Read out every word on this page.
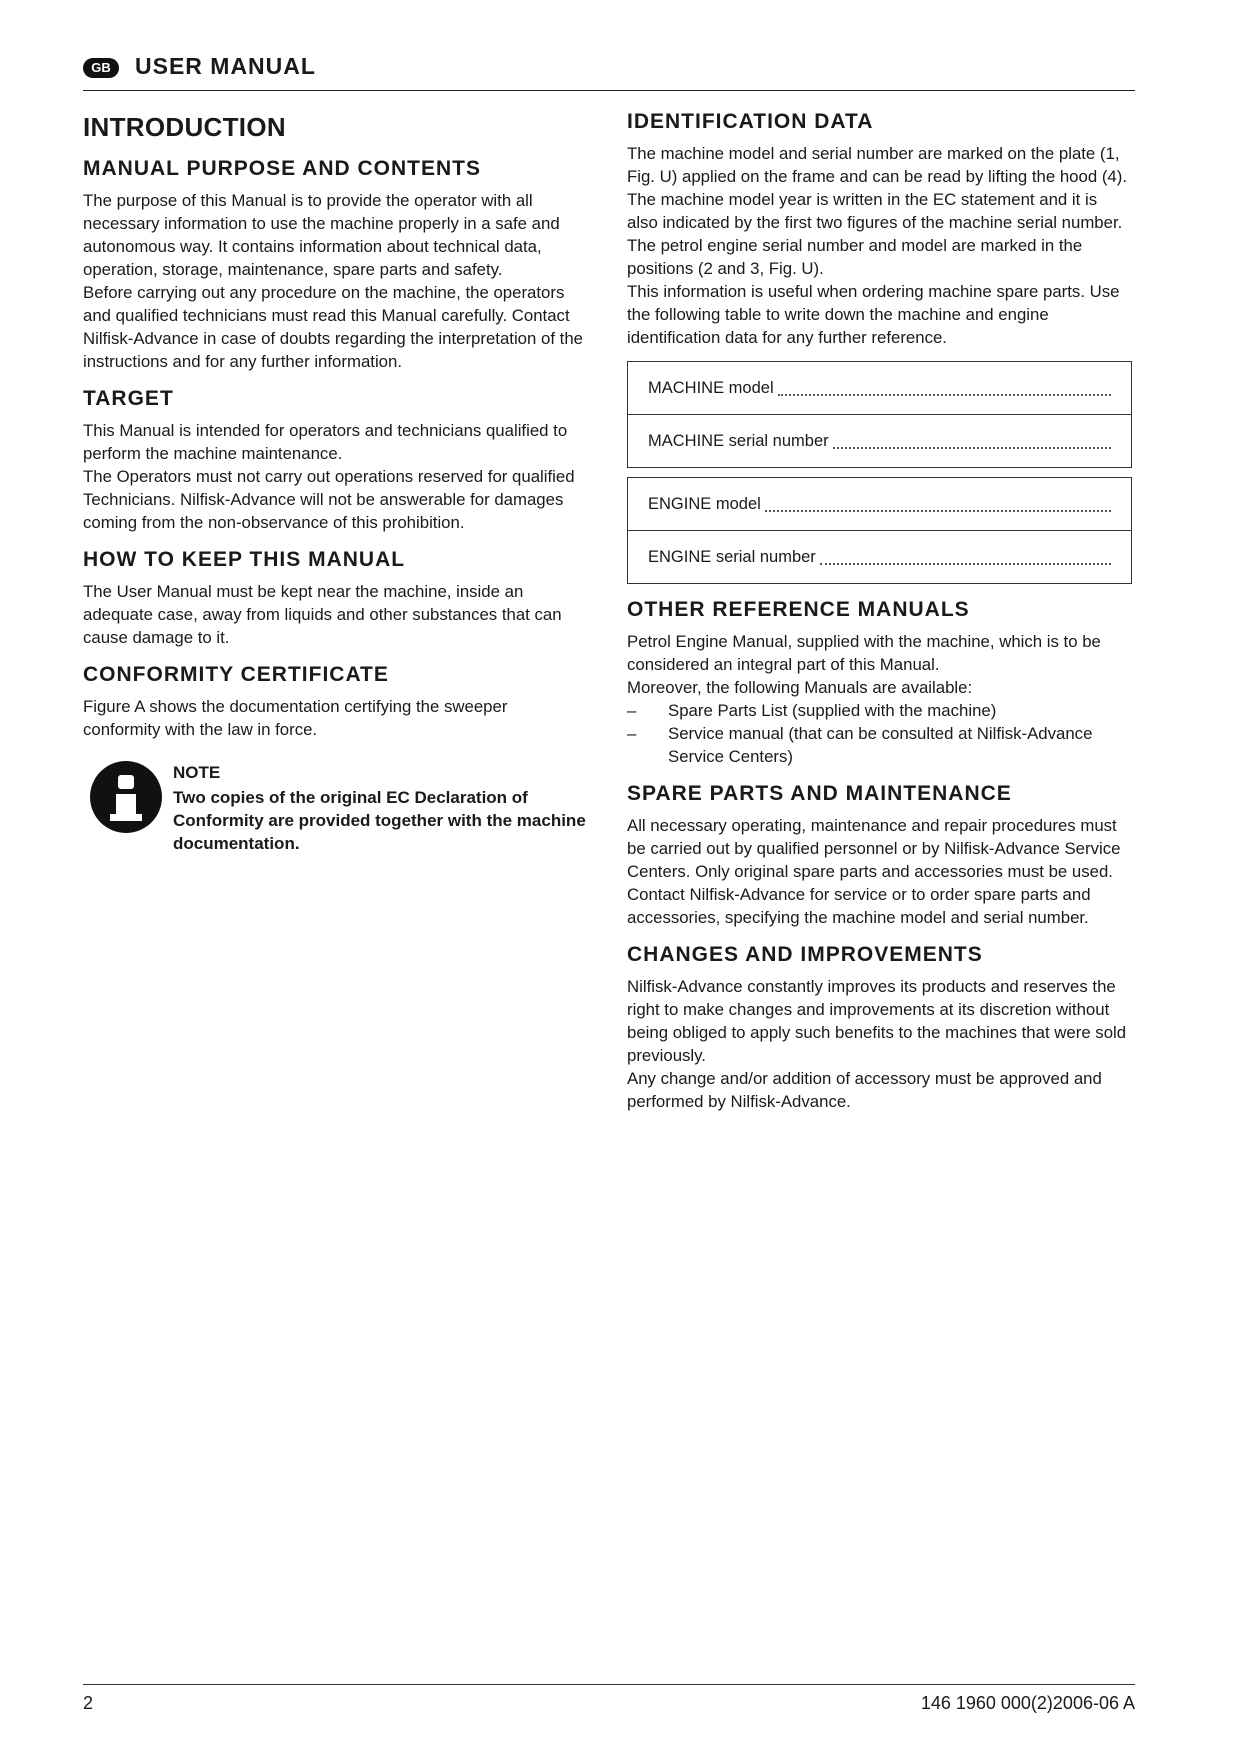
GB	USER MANUAL
INTRODUCTION
MANUAL PURPOSE AND CONTENTS

The purpose of this Manual is to provide the operator with all necessary information to use the machine properly in a safe and autonomous way. It contains information about technical data, operation, storage, maintenance, spare parts and safety.
Before carrying out any procedure on the machine, the operators and qualified technicians must read this Manual carefully. Contact Nilfisk-Advance in case of doubts regarding the interpretation of the instructions and for any further information.

TARGET

This Manual is intended for operators and technicians qualified to perform the machine maintenance.
The Operators must not carry out operations reserved for qualified Technicians. Nilfisk-Advance will not be answerable for damages coming from the non-observance of this prohibition.

HOW TO KEEP THIS MANUAL

The User Manual must be kept near the machine, inside an adequate case, away from liquids and other substances that can cause damage to it.

CONFORMITY CERTIFICATE

Figure A shows the documentation certifying the sweeper conformity with the law in force.

NOTE
Two copies of the original EC Declaration of Conformity are provided together with the machine documentation.
IDENTIFICATION DATA

The machine model and serial number are marked on the plate (1, Fig. U) applied on the frame and can be read by lifting the hood (4).
The machine model year is written in the EC statement and it is also indicated by the first two figures of the machine serial number.
The petrol engine serial number and model are marked in the positions (2 and 3, Fig. U).
This information is useful when ordering machine spare parts. Use the following table to write down the machine and engine identification data for any further reference.

MACHINE model
MACHINE serial number
ENGINE model
ENGINE serial number
OTHER REFERENCE MANUALS

Petrol Engine Manual, supplied with the machine, which is to be considered an integral part of this Manual.
Moreover, the following Manuals are available:

– Spare Parts List (supplied with the machine)
– Service manual (that can be consulted at Nilfisk-Advance Service Centers)
SPARE PARTS AND MAINTENANCE

All necessary operating, maintenance and repair procedures must be carried out by qualified personnel or by Nilfisk-Advance Service Centers. Only original spare parts and accessories must be used.
Contact Nilfisk-Advance for service or to order spare parts and accessories, specifying the machine model and serial number.

CHANGES AND IMPROVEMENTS

Nilfisk-Advance constantly improves its products and reserves the right to make changes and improvements at its discretion without being obliged to apply such benefits to the machines that were sold previously.
Any change and/or addition of accessory must be approved and performed by Nilfisk-Advance.

2	146 1960 000(2)2006-06 A
